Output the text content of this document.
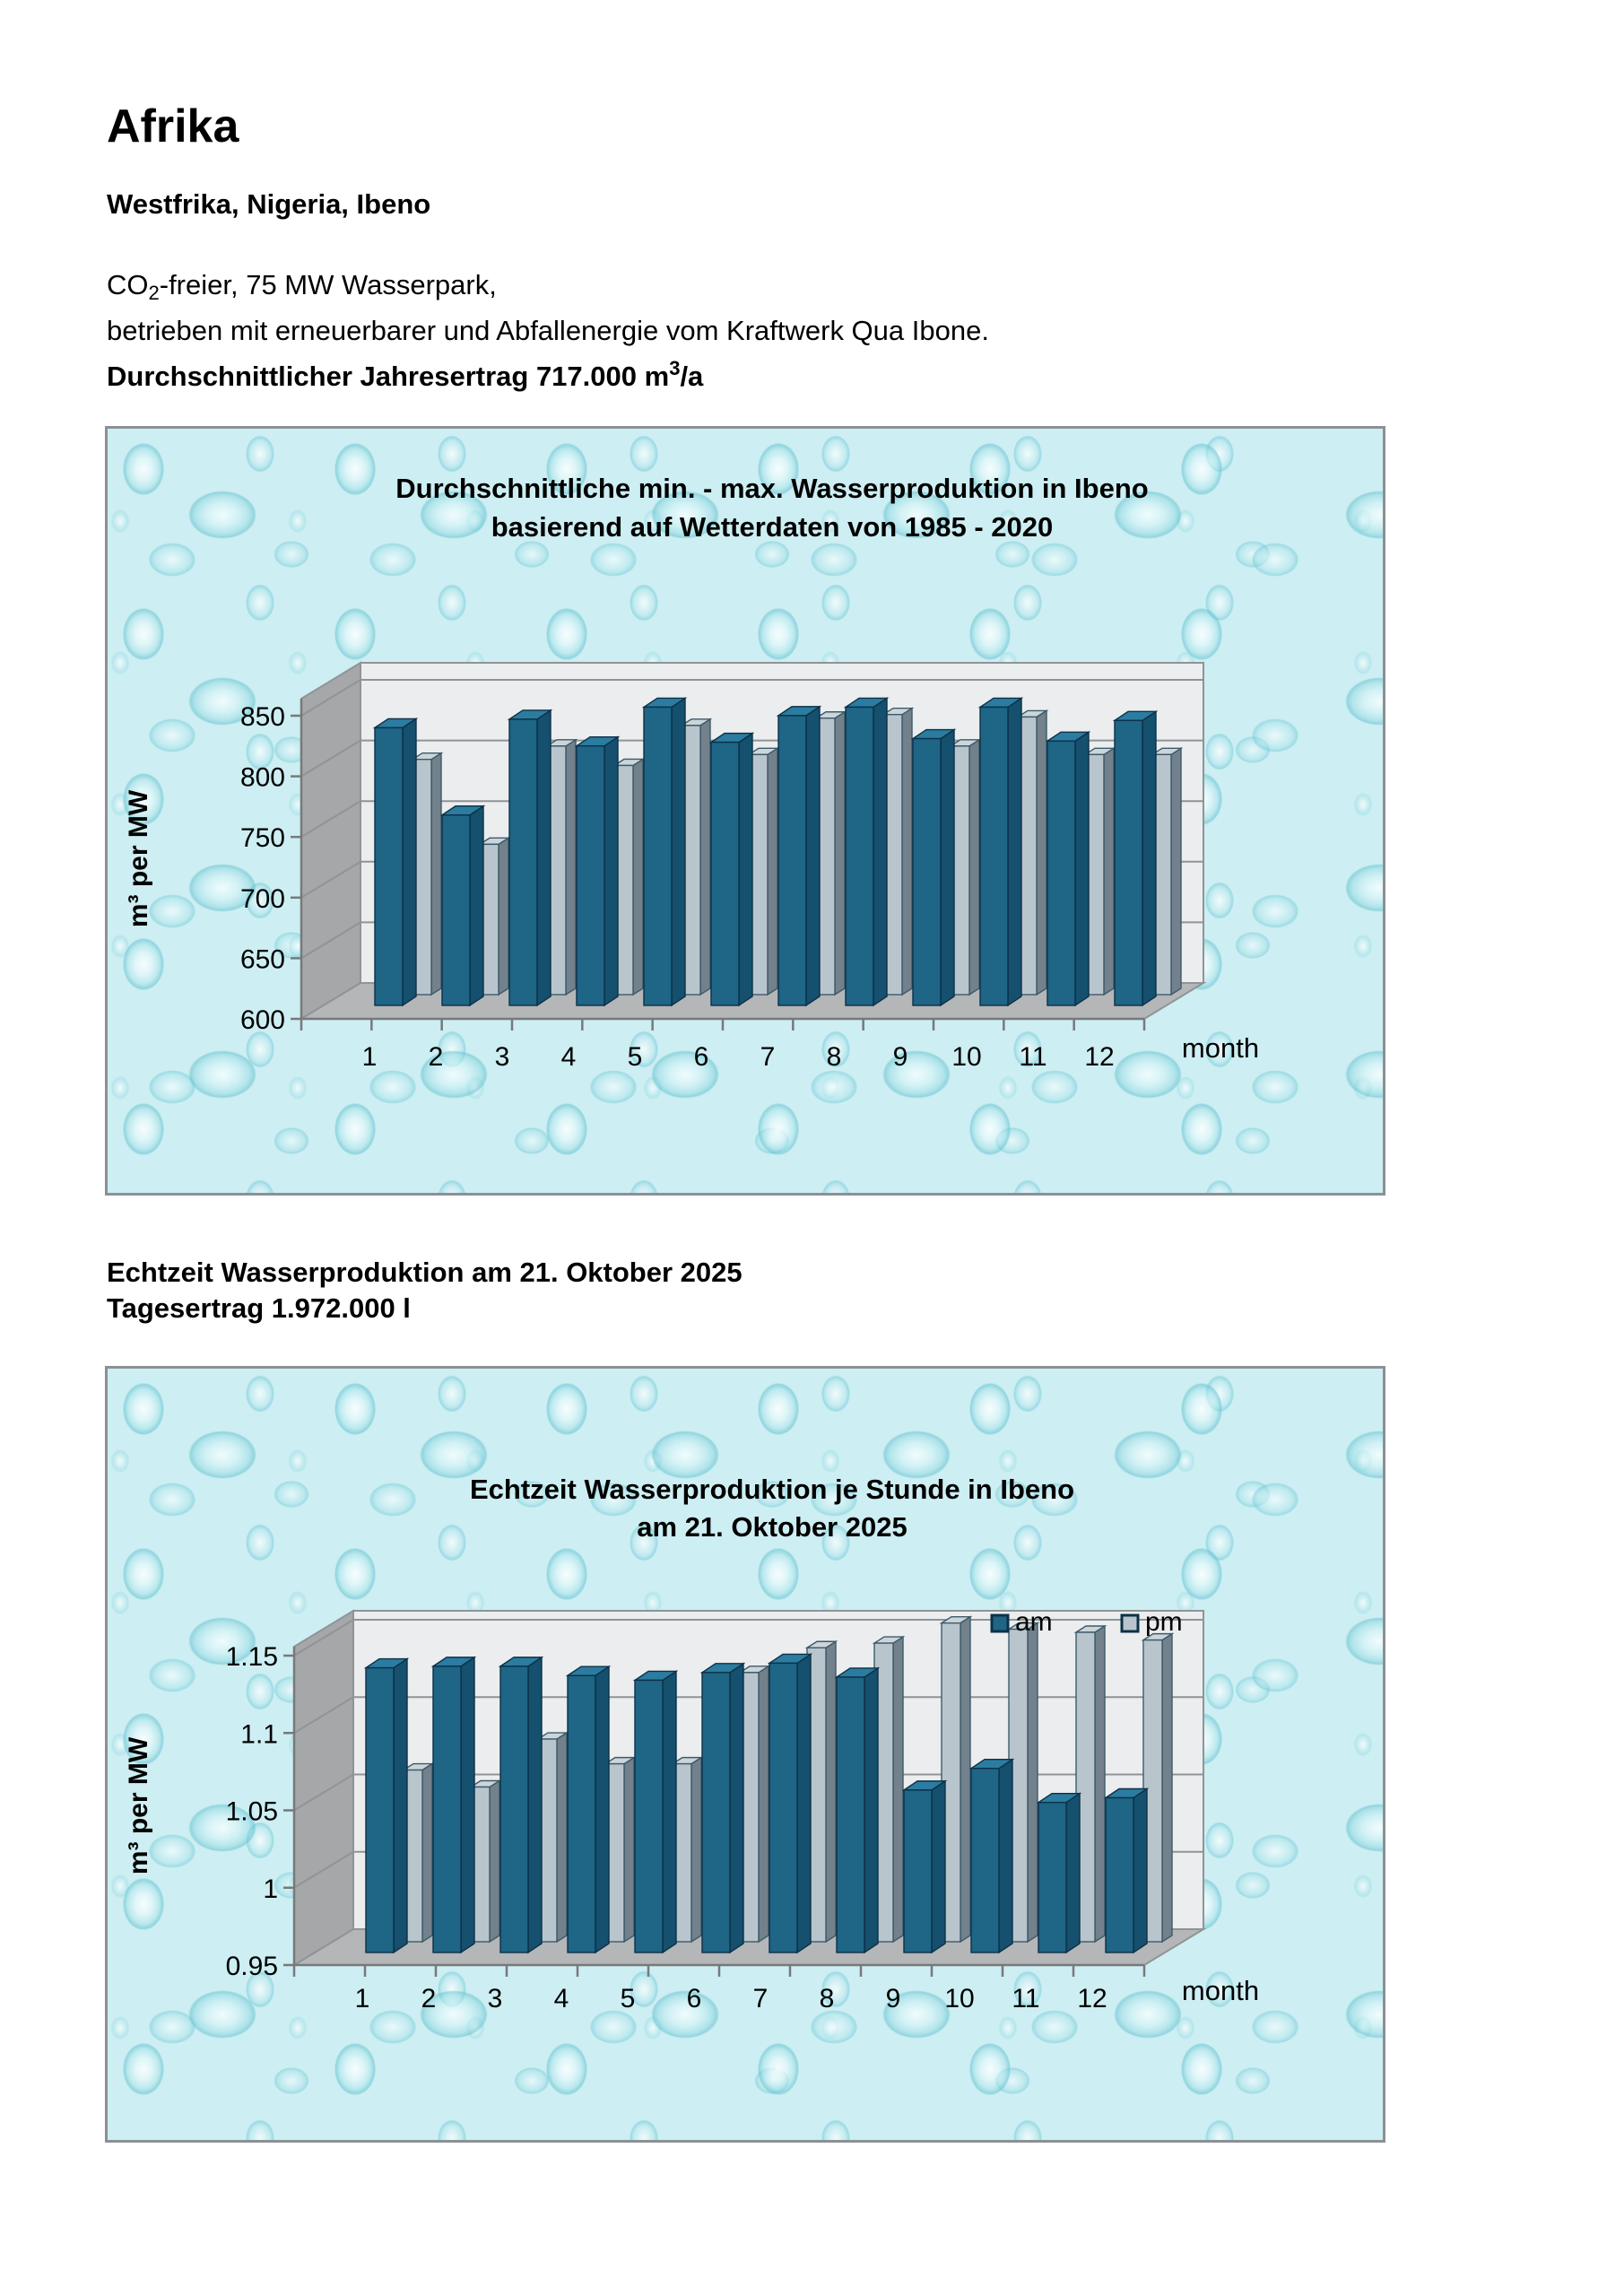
Afrika
Westfrika, Nigeria, Ibeno

$CO_2$-freier, 75 MW Wasserpark,
betrieben mit erneuerbarer und Abfallenergie vom Kraftwerk Qua Ibone.
Durchschnittlicher Jahresertrag 717.000 $m^3/a$

600
650
700
750
800
850
1 2 3 4 5 6 7 8 9 10 11 12 month
m³ per MW
Durchschnittliche min. - max. Wasserproduktion in Ibeno
basierend auf Wetterdaten von 1985 - 2020
Echtzeit Wasserproduktion am 21. Oktober 2025
Tagesertrag 1.972.000 l
0.95
1
1.05
1.1
1.15
1 2 3 4 5 6 7 8 9 10 11 12	month
m³ per MW
Echtzeit Wasserproduktion je Stunde in Ibeno
am 21. Oktober 2025
am	pm
